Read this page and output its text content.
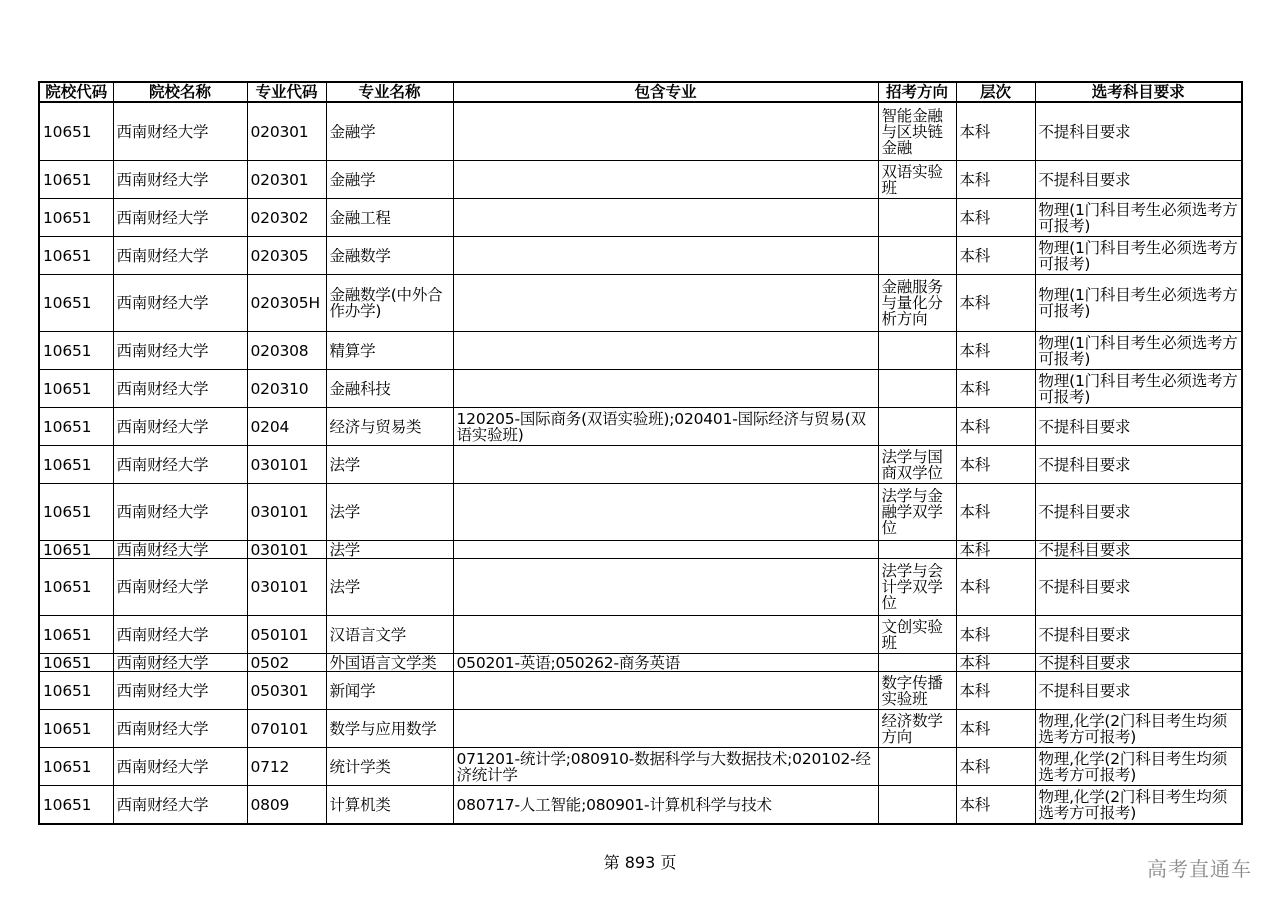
院校代码	院校名称	专业代码	专业名称	包含专业	招考方向	层次	选考科目要求
10651	西南财经大学	020301	金融学		智能金融与区块链金融	本科	不提科目要求
10651	西南财经大学	020301	金融学		双语实验班	本科	不提科目要求
10651	西南财经大学	020302	金融工程			本科	物理(1门科目考生必须选考方可报考)
10651	西南财经大学	020305	金融数学			本科	物理(1门科目考生必须选考方可报考)
10651	西南财经大学	020305H	金融数学(中外合作办学)		金融服务与量化分析方向	本科	物理(1门科目考生必须选考方可报考)
10651	西南财经大学	020308	精算学			本科	物理(1门科目考生必须选考方可报考)
10651	西南财经大学	020310	金融科技			本科	物理(1门科目考生必须选考方可报考)
10651	西南财经大学	0204	经济与贸易类	120205-国际商务(双语实验班);020401-国际经济与贸易(双语实验班)		本科	不提科目要求
10651	西南财经大学	030101	法学		法学与国商双学位	本科	不提科目要求
10651	西南财经大学	030101	法学		法学与金融学双学位	本科	不提科目要求
10651	西南财经大学	030101	法学			本科	不提科目要求
10651	西南财经大学	030101	法学		法学与会计学双学位	本科	不提科目要求
10651	西南财经大学	050101	汉语言文学		文创实验班	本科	不提科目要求
10651	西南财经大学	0502	外国语言文学类	050201-英语;050262-商务英语		本科	不提科目要求
10651	西南财经大学	050301	新闻学		数字传播实验班	本科	不提科目要求
10651	西南财经大学	070101	数学与应用数学		经济数学方向	本科	物理,化学(2门科目考生均须选考方可报考)
10651	西南财经大学	0712	统计学类	071201-统计学;080910-数据科学与大数据技术;020102-经济统计学		本科	物理,化学(2门科目考生均须选考方可报考)
10651	西南财经大学	0809	计算机类	080717-人工智能;080901-计算机科学与技术		本科	物理,化学(2门科目考生均须选考方可报考)
第 893 页	高考直通车
